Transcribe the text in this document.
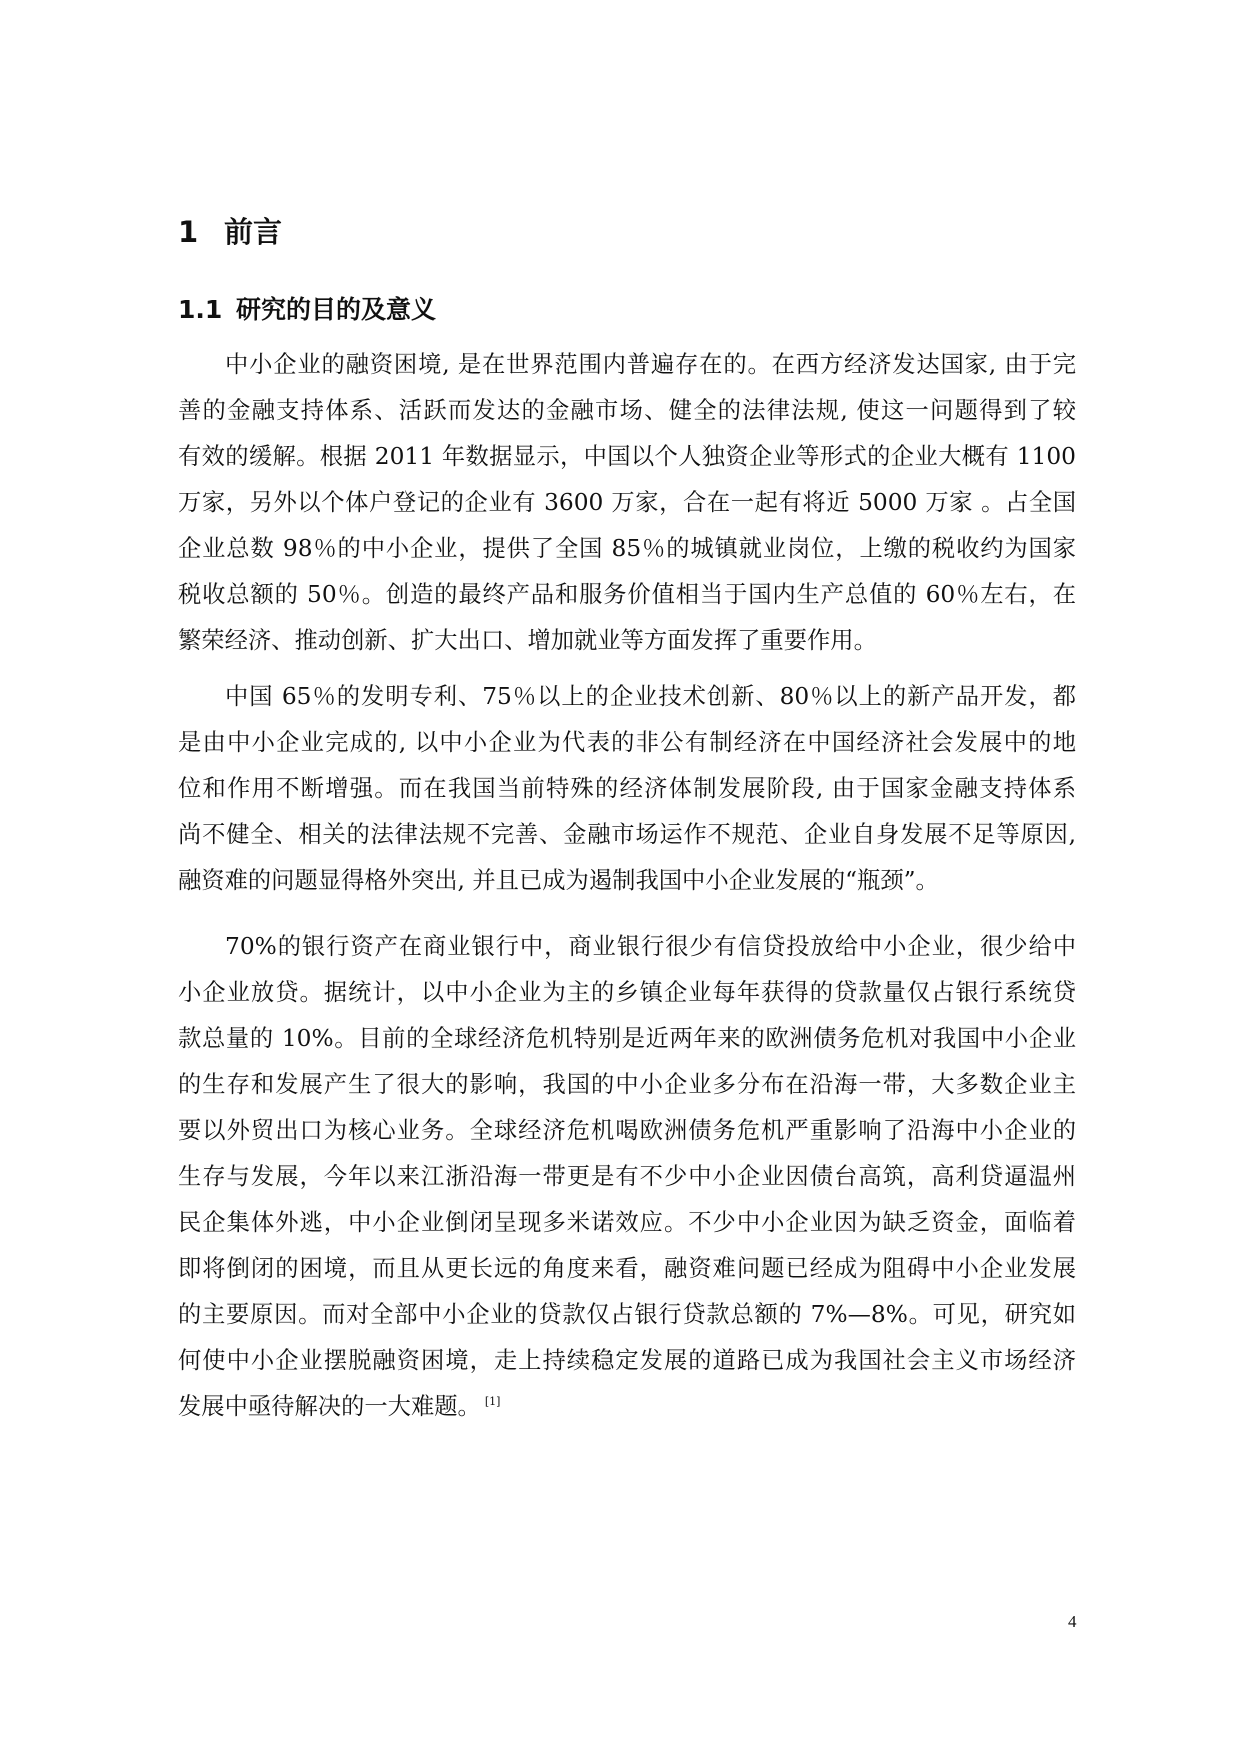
1 前言
1.1 研究的目的及意义
中小企业的融资困境, 是在世界范围内普遍存在的。在西方经济发达国家, 由于完
善的金融支持体系、活跃而发达的金融市场、健全的法律法规, 使这一问题得到了较
有效的缓解。根据 2011 年数据显示，中国以个人独资企业等形式的企业大概有 1100
万家，另外以个体户登记的企业有 3600 万家，合在一起有将近 5000 万家 。占全国
企业总数 98％的中小企业，提供了全国 85％的城镇就业岗位，上缴的税收约为国家
税收总额的 50％。创造的最终产品和服务价值相当于国内生产总值的 60％左右，在
繁荣经济、推动创新、扩大出口、增加就业等方面发挥了重要作用。
中国 65％的发明专利、75％以上的企业技术创新、80％以上的新产品开发，都
是由中小企业完成的, 以中小企业为代表的非公有制经济在中国经济社会发展中的地
位和作用不断增强。而在我国当前特殊的经济体制发展阶段, 由于国家金融支持体系
尚不健全、相关的法律法规不完善、金融市场运作不规范、企业自身发展不足等原因,
融资难的问题显得格外突出, 并且已成为遏制我国中小企业发展的“瓶颈”。
70%的银行资产在商业银行中，商业银行很少有信贷投放给中小企业，很少给中
小企业放贷。据统计，以中小企业为主的乡镇企业每年获得的贷款量仅占银行系统贷
款总量的 10%。目前的全球经济危机特别是近两年来的欧洲债务危机对我国中小企业
的生存和发展产生了很大的影响，我国的中小企业多分布在沿海一带，大多数企业主
要以外贸出口为核心业务。全球经济危机喝欧洲债务危机严重影响了沿海中小企业的
生存与发展，今年以来江浙沿海一带更是有不少中小企业因债台高筑，高利贷逼温州
民企集体外逃，中小企业倒闭呈现多米诺效应。不少中小企业因为缺乏资金，面临着
即将倒闭的困境，而且从更长远的角度来看，融资难问题已经成为阻碍中小企业发展
的主要原因。而对全部中小企业的贷款仅占银行贷款总额的 7%—8%。可见，研究如
何使中小企业摆脱融资困境，走上持续稳定发展的道路已成为我国社会主义市场经济
发展中亟待解决的一大难题。 [1]
4
